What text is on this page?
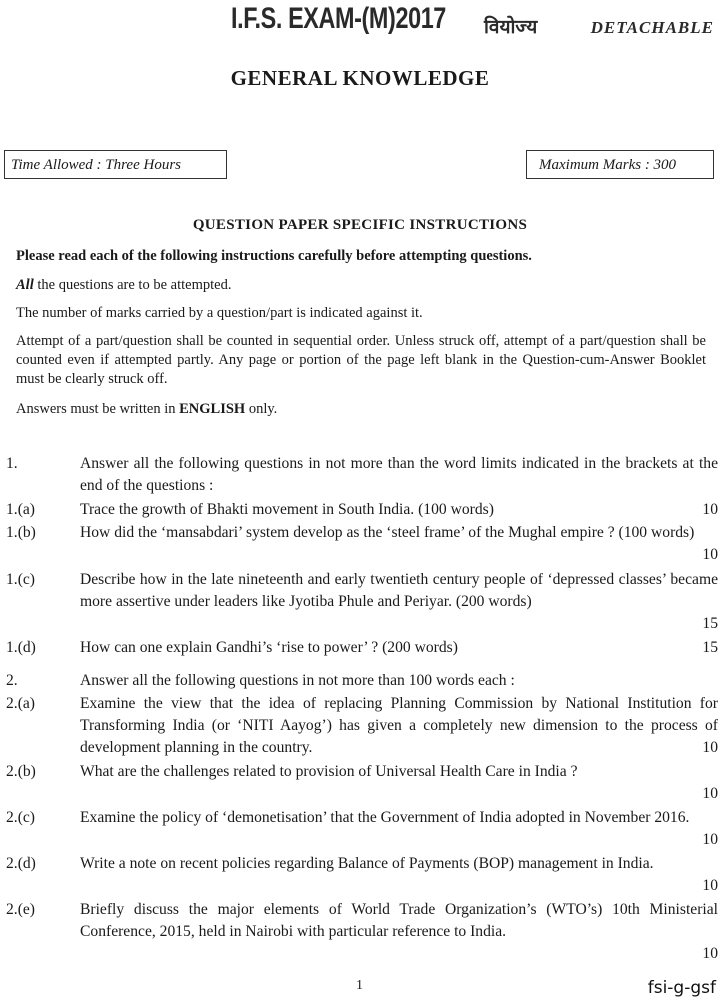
I.F.S. EXAM-(M)2017 वियोज्य	DETACHABLE
GENERAL KNOWLEDGE
Time Allowed : Three Hours	Maximum Marks : 300
QUESTION PAPER SPECIFIC INSTRUCTIONS
Please read each of the following instructions carefully before attempting questions.
All the questions are to be attempted.
The number of marks carried by a question/part is indicated against it.
Attempt of a part/question shall be counted in sequential order. Unless struck off, attempt of a part/question shall be counted even if attempted partly. Any page or portion of the page left blank in the Question-cum-Answer Booklet must be clearly struck off.
Answers must be written in ENGLISH only.
1.	Answer all the following questions in not more than the word limits indicated in the brackets at the end of the questions :
1.(a)	Trace the growth of Bhakti movement in South India. (100 words)	10
1.(b)	How did the ‘mansabdari’ system develop as the ‘steel frame’ of the Mughal empire ? (100 words)
10
1.(c)	Describe how in the late nineteenth and early twentieth century people of ‘depressed classes’ became more assertive under leaders like Jyotiba Phule and Periyar. (200 words)
15
1.(d)	How can one explain Gandhi’s ‘rise to power’ ? (200 words)	15
2.	Answer all the following questions in not more than 100 words each :
2.(a)	Examine the view that the idea of replacing Planning Commission by National Institution for Transforming India (or ‘NITI Aayog’) has given a completely new dimension to the process of development planning in the country.	10
2.(b)	What are the challenges related to provision of Universal Health Care in India ?
10
2.(c)	Examine the policy of ‘demonetisation’ that the Government of India adopted in November 2016.
10
2.(d)	Write a note on recent policies regarding Balance of Payments (BOP) management in India.
10
2.(e)	Briefly discuss the major elements of World Trade Organization’s (WTO’s) 10th Ministerial Conference, 2015, held in Nairobi with particular reference to India.
10
1	fsi-g-gsf
